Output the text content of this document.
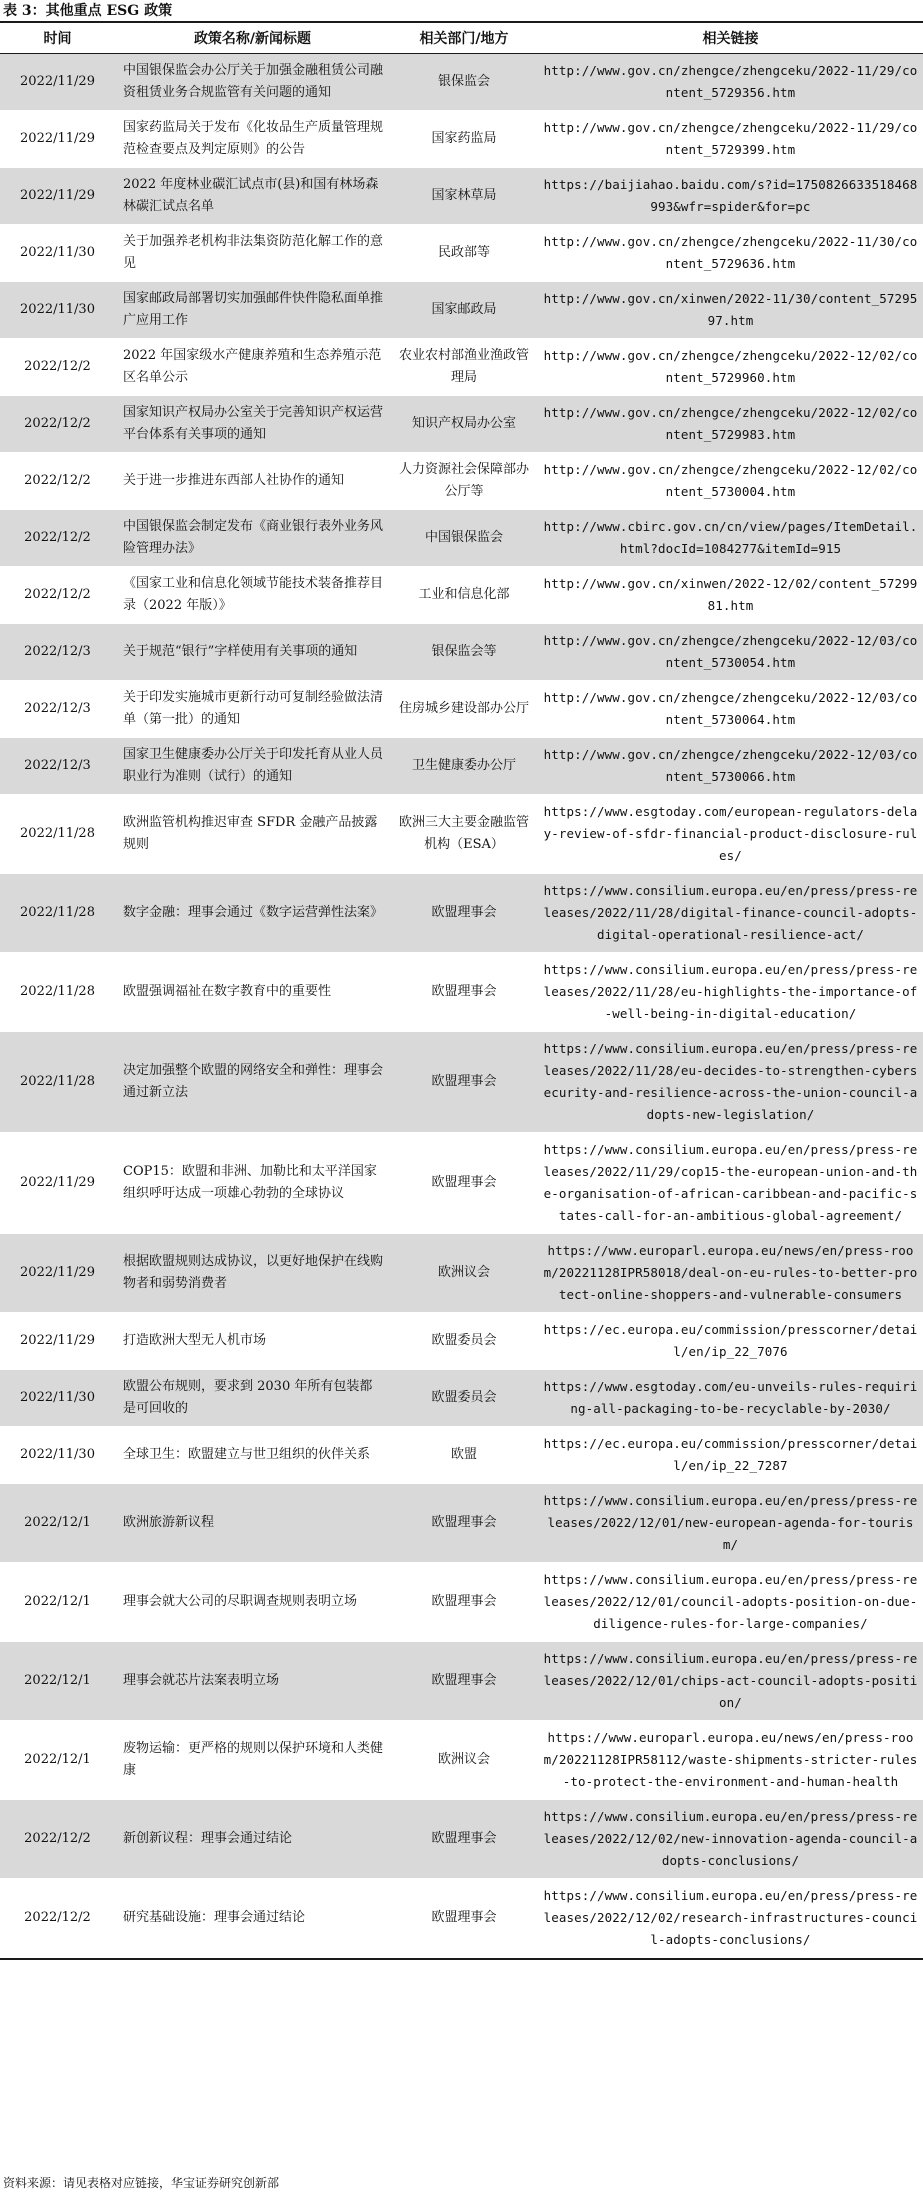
表 3：其他重点 ESG 政策
时间	政策名称/新闻标题	相关部门/地方	相关链接
2022/11/29	中国银保监会办公厅关于加强金融租赁公司融资租赁业务合规监管有关问题的通知	银保监会	http://www.gov.cn/zhengce/zhengceku/2022-11/29/content_5729356.htm
2022/11/29	国家药监局关于发布《化妆品生产质量管理规范检查要点及判定原则》的公告	国家药监局	http://www.gov.cn/zhengce/zhengceku/2022-11/29/content_5729399.htm
2022/11/29	2022 年度林业碳汇试点市(县)和国有林场森林碳汇试点名单	国家林草局	https://baijiahao.baidu.com/s?id=1750826633518468993&wfr=spider&for=pc
2022/11/30	关于加强养老机构非法集资防范化解工作的意见	民政部等	http://www.gov.cn/zhengce/zhengceku/2022-11/30/content_5729636.htm
2022/11/30	国家邮政局部署切实加强邮件快件隐私面单推广应用工作	国家邮政局	http://www.gov.cn/xinwen/2022-11/30/content_5729597.htm
2022/12/2	2022 年国家级水产健康养殖和生态养殖示范区名单公示	农业农村部渔业渔政管理局	http://www.gov.cn/zhengce/zhengceku/2022-12/02/content_5729960.htm
2022/12/2	国家知识产权局办公室关于完善知识产权运营平台体系有关事项的通知	知识产权局办公室	http://www.gov.cn/zhengce/zhengceku/2022-12/02/content_5729983.htm
2022/12/2	关于进一步推进东西部人社协作的通知	人力资源社会保障部办公厅等	http://www.gov.cn/zhengce/zhengceku/2022-12/02/content_5730004.htm
2022/12/2	中国银保监会制定发布《商业银行表外业务风险管理办法》	中国银保监会	http://www.cbirc.gov.cn/cn/view/pages/ItemDetail.html?docId=1084277&itemId=915
2022/12/2	《国家工业和信息化领域节能技术装备推荐目录（2022 年版）》	工业和信息化部	http://www.gov.cn/xinwen/2022-12/02/content_5729981.htm
2022/12/3	关于规范“银行”字样使用有关事项的通知	银保监会等	http://www.gov.cn/zhengce/zhengceku/2022-12/03/content_5730054.htm
2022/12/3	关于印发实施城市更新行动可复制经验做法清单（第一批）的通知	住房城乡建设部办公厅	http://www.gov.cn/zhengce/zhengceku/2022-12/03/content_5730064.htm
2022/12/3	国家卫生健康委办公厅关于印发托育从业人员职业行为准则（试行）的通知	卫生健康委办公厅	http://www.gov.cn/zhengce/zhengceku/2022-12/03/content_5730066.htm
2022/11/28	欧洲监管机构推迟审查 SFDR 金融产品披露规则	欧洲三大主要金融监管机构（ESA）	https://www.esgtoday.com/european-regulators-delay-review-of-sfdr-financial-product-disclosure-rules/
2022/11/28	数字金融：理事会通过《数字运营弹性法案》	欧盟理事会	https://www.consilium.europa.eu/en/press/press-releases/2022/11/28/digital-finance-council-adopts-digital-operational-resilience-act/
2022/11/28	欧盟强调福祉在数字教育中的重要性	欧盟理事会	https://www.consilium.europa.eu/en/press/press-releases/2022/11/28/eu-highlights-the-importance-of-well-being-in-digital-education/
2022/11/28	决定加强整个欧盟的网络安全和弹性：理事会通过新立法	欧盟理事会	https://www.consilium.europa.eu/en/press/press-releases/2022/11/28/eu-decides-to-strengthen-cybersecurity-and-resilience-across-the-union-council-adopts-new-legislation/
2022/11/29	COP15：欧盟和非洲、加勒比和太平洋国家组织呼吁达成一项雄心勃勃的全球协议	欧盟理事会	https://www.consilium.europa.eu/en/press/press-releases/2022/11/29/cop15-the-european-union-and-the-organisation-of-african-caribbean-and-pacific-states-call-for-an-ambitious-global-agreement/
2022/11/29	根据欧盟规则达成协议，以更好地保护在线购物者和弱势消费者	欧洲议会	https://www.europarl.europa.eu/news/en/press-room/20221128IPR58018/deal-on-eu-rules-to-better-protect-online-shoppers-and-vulnerable-consumers
2022/11/29	打造欧洲大型无人机市场	欧盟委员会	https://ec.europa.eu/commission/presscorner/detail/en/ip_22_7076
2022/11/30	欧盟公布规则，要求到 2030 年所有包装都是可回收的	欧盟委员会	https://www.esgtoday.com/eu-unveils-rules-requiring-all-packaging-to-be-recyclable-by-2030/
2022/11/30	全球卫生：欧盟建立与世卫组织的伙伴关系	欧盟	https://ec.europa.eu/commission/presscorner/detail/en/ip_22_7287
2022/12/1	欧洲旅游新议程	欧盟理事会	https://www.consilium.europa.eu/en/press/press-releases/2022/12/01/new-european-agenda-for-tourism/
2022/12/1	理事会就大公司的尽职调查规则表明立场	欧盟理事会	https://www.consilium.europa.eu/en/press/press-releases/2022/12/01/council-adopts-position-on-due-diligence-rules-for-large-companies/
2022/12/1	理事会就芯片法案表明立场	欧盟理事会	https://www.consilium.europa.eu/en/press/press-releases/2022/12/01/chips-act-council-adopts-position/
2022/12/1	废物运输：更严格的规则以保护环境和人类健康	欧洲议会	https://www.europarl.europa.eu/news/en/press-room/20221128IPR58112/waste-shipments-stricter-rules-to-protect-the-environment-and-human-health
2022/12/2	新创新议程：理事会通过结论	欧盟理事会	https://www.consilium.europa.eu/en/press/press-releases/2022/12/02/new-innovation-agenda-council-adopts-conclusions/
2022/12/2	研究基础设施：理事会通过结论	欧盟理事会	https://www.consilium.europa.eu/en/press/press-releases/2022/12/02/research-infrastructures-council-adopts-conclusions/
资料来源：请见表格对应链接，华宝证券研究创新部
